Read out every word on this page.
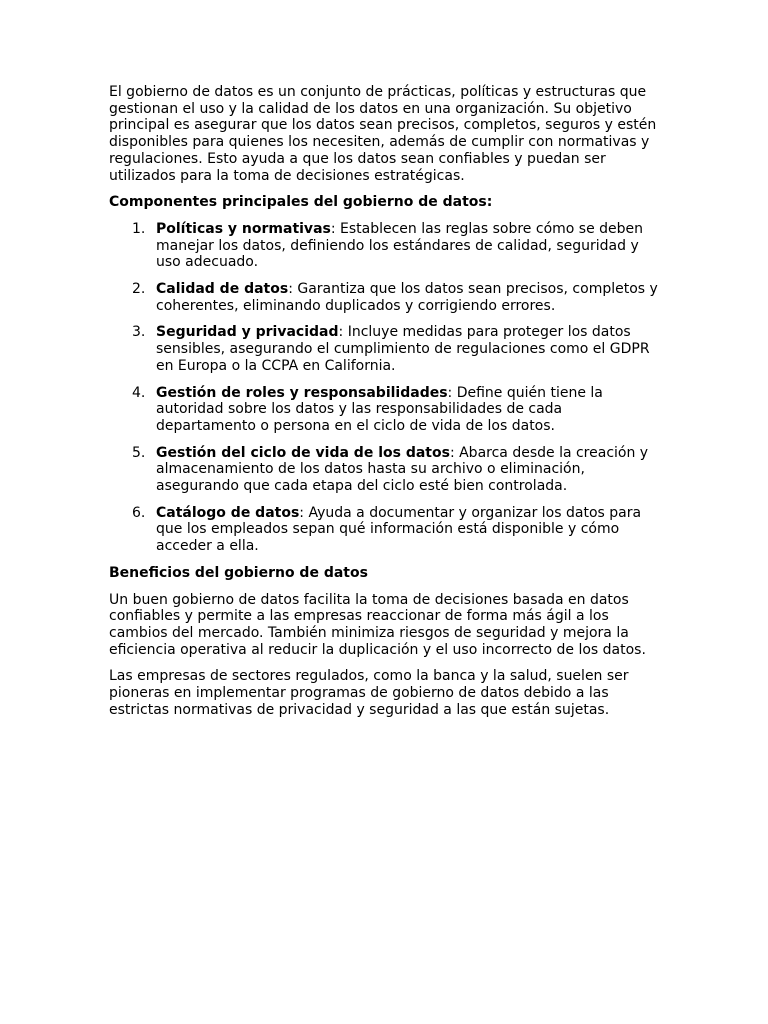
El gobierno de datos es un conjunto de prácticas, políticas y estructuras que gestionan el uso y la calidad de los datos en una organización. Su objetivo principal es asegurar que los datos sean precisos, completos, seguros y estén disponibles para quienes los necesiten, además de cumplir con normativas y regulaciones. Esto ayuda a que los datos sean confiables y puedan ser utilizados para la toma de decisiones estratégicas.

Componentes principales del gobierno de datos:

1. Políticas y normativas: Establecen las reglas sobre cómo se deben manejar los datos, definiendo los estándares de calidad, seguridad y uso adecuado.
2. Calidad de datos: Garantiza que los datos sean precisos, completos y coherentes, eliminando duplicados y corrigiendo errores.
3. Seguridad y privacidad: Incluye medidas para proteger los datos sensibles, asegurando el cumplimiento de regulaciones como el GDPR en Europa o la CCPA en California.
4. Gestión de roles y responsabilidades: Define quién tiene la autoridad sobre los datos y las responsabilidades de cada departamento o persona en el ciclo de vida de los datos.
5. Gestión del ciclo de vida de los datos: Abarca desde la creación y almacenamiento de los datos hasta su archivo o eliminación, asegurando que cada etapa del ciclo esté bien controlada.
6. Catálogo de datos: Ayuda a documentar y organizar los datos para que los empleados sepan qué información está disponible y cómo acceder a ella.

Beneficios del gobierno de datos

Un buen gobierno de datos facilita la toma de decisiones basada en datos confiables y permite a las empresas reaccionar de forma más ágil a los cambios del mercado. También minimiza riesgos de seguridad y mejora la eficiencia operativa al reducir la duplicación y el uso incorrecto de los datos.

Las empresas de sectores regulados, como la banca y la salud, suelen ser pioneras en implementar programas de gobierno de datos debido a las estrictas normativas de privacidad y seguridad a las que están sujetas.
